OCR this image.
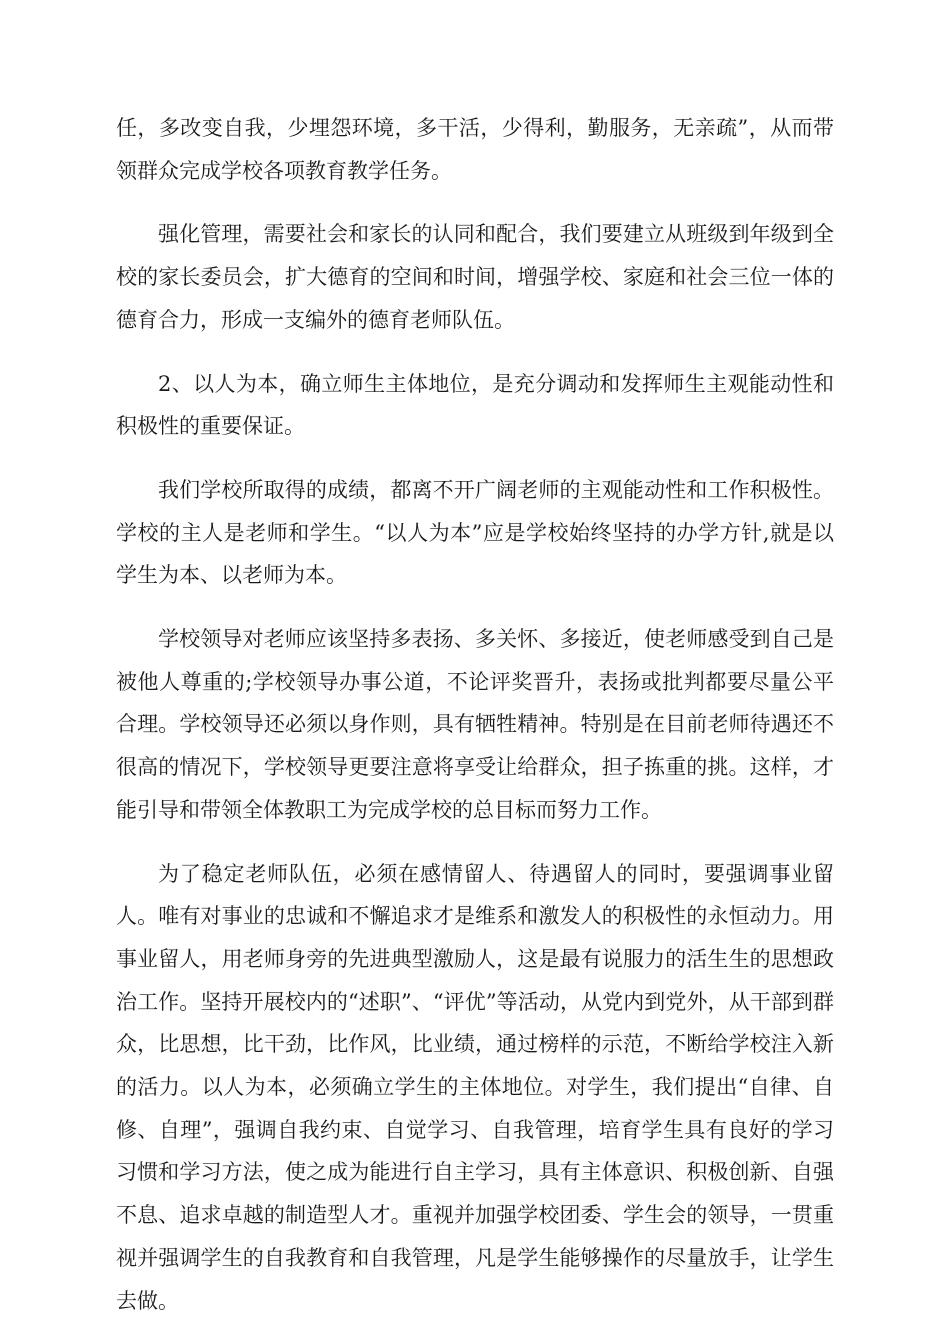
任，多改变自我，少埋怨环境，多干活，少得利，勤服务，无亲疏”，从而带领群众完成学校各项教育教学任务。

强化管理，需要社会和家长的认同和配合，我们要建立从班级到年级到全校的家长委员会，扩大德育的空间和时间，增强学校、家庭和社会三位一体的德育合力，形成一支编外的德育老师队伍。

2、以人为本，确立师生主体地位，是充分调动和发挥师生主观能动性和积极性的重要保证。

我们学校所取得的成绩，都离不开广阔老师的主观能动性和工作积极性。学校的主人是老师和学生。“以人为本”应是学校始终坚持的办学方针,就是以学生为本、以老师为本。

学校领导对老师应该坚持多表扬、多关怀、多接近，使老师感受到自己是被他人尊重的;学校领导办事公道，不论评奖晋升，表扬或批判都要尽量公平合理。学校领导还必须以身作则，具有牺牲精神。特别是在目前老师待遇还不很高的情况下，学校领导更要注意将享受让给群众，担子拣重的挑。这样，才能引导和带领全体教职工为完成学校的总目标而努力工作。

为了稳定老师队伍，必须在感情留人、待遇留人的同时，要强调事业留人。唯有对事业的忠诚和不懈追求才是维系和激发人的积极性的永恒动力。用事业留人，用老师身旁的先进典型激励人，这是最有说服力的活生生的思想政治工作。坚持开展校内的“述职”、“评优”等活动，从党内到党外，从干部到群众，比思想，比干劲，比作风，比业绩，通过榜样的示范，不断给学校注入新的活力。以人为本，必须确立学生的主体地位。对学生，我们提出“自律、自修、自理”，强调自我约束、自觉学习、自我管理，培育学生具有良好的学习习惯和学习方法，使之成为能进行自主学习，具有主体意识、积极创新、自强不息、追求卓越的制造型人才。重视并加强学校团委、学生会的领导，一贯重视并强调学生的自我教育和自我管理，凡是学生能够操作的尽量放手，让学生去做。
